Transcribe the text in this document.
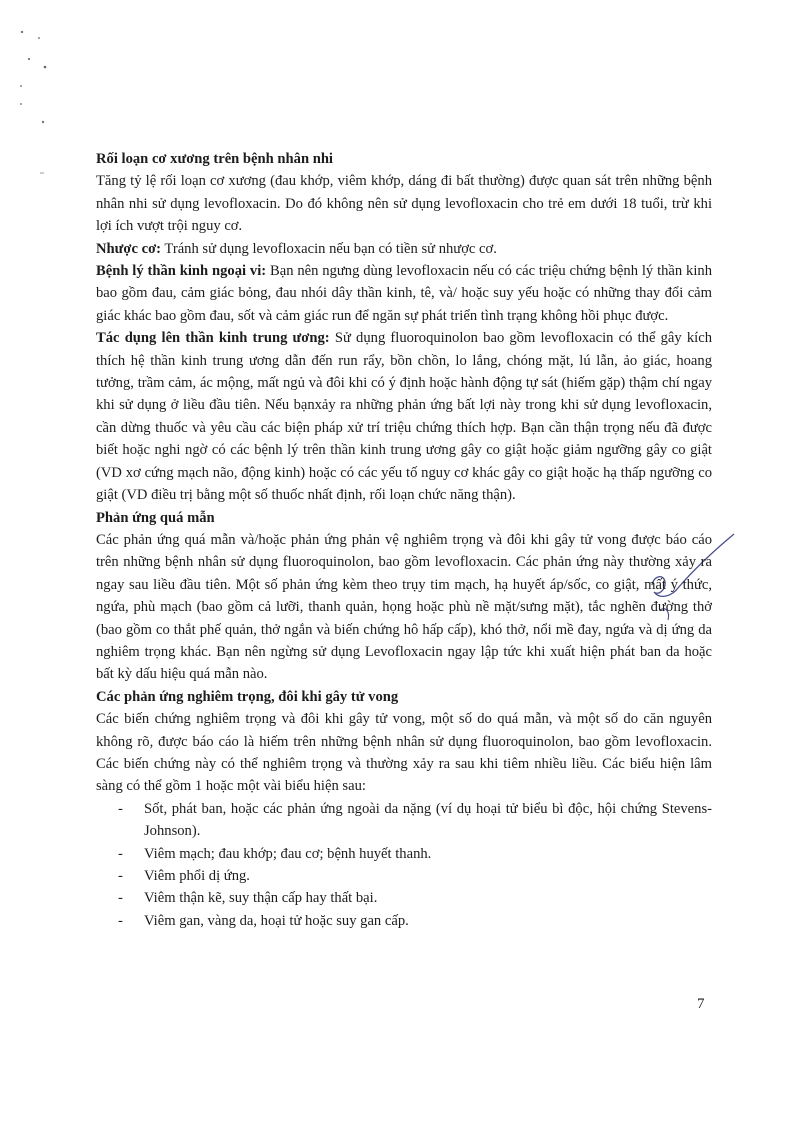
Rối loạn cơ xương trên bệnh nhân nhi

Tăng tỷ lệ rối loạn cơ xương (đau khớp, viêm khớp, dáng đi bất thường) được quan sát trên những bệnh nhân nhi sử dụng levofloxacin. Do đó không nên sử dụng levofloxacin cho trẻ em dưới 18 tuổi, trừ khi lợi ích vượt trội nguy cơ.

Nhược cơ: Tránh sử dụng levofloxacin nếu bạn có tiền sử nhược cơ.

Bệnh lý thần kinh ngoại vi: Bạn nên ngưng dùng levofloxacin nếu có các triệu chứng bệnh lý thần kinh bao gồm đau, cảm giác bỏng, đau nhói dây thần kinh, tê, và/ hoặc suy yếu hoặc có những thay đổi cảm giác khác bao gồm đau, sốt và cảm giác run để ngăn sự phát triển tình trạng không hồi phục được.

Tác dụng lên thần kinh trung ương: Sử dụng fluoroquinolon bao gồm levofloxacin có thể gây kích thích hệ thần kinh trung ương dẫn đến run rẩy, bồn chồn, lo lắng, chóng mặt, lú lẫn, ảo giác, hoang tưởng, trầm cảm, ác mộng, mất ngủ và đôi khi có ý định hoặc hành động tự sát (hiếm gặp) thậm chí ngay khi sử dụng ở liều đầu tiên. Nếu bạnxảy ra những phản ứng bất lợi này trong khi sử dụng levofloxacin, cần dừng thuốc và yêu cầu các biện pháp xử trí triệu chứng thích hợp. Bạn cần thận trọng nếu đã được biết hoặc nghi ngờ có các bệnh lý trên thần kinh trung ương gây co giật hoặc giảm ngưỡng gây co giật (VD xơ cứng mạch não, động kinh) hoặc có các yếu tố nguy cơ khác gây co giật hoặc hạ thấp ngưỡng co giật (VD điều trị bằng một số thuốc nhất định, rối loạn chức năng thận).

Phản ứng quá mẫn

Các phản ứng quá mẫn và/hoặc phản ứng phản vệ nghiêm trọng và đôi khi gây tử vong được báo cáo trên những bệnh nhân sử dụng fluoroquinolon, bao gồm levofloxacin. Các phản ứng này thường xảy ra ngay sau liều đầu tiên. Một số phản ứng kèm theo trụy tim mạch, hạ huyết áp/sốc, co giật, mất ý thức, ngứa, phù mạch (bao gồm cả lưỡi, thanh quản, họng hoặc phù nề mặt/sưng mặt), tắc nghẽn đường thở (bao gồm co thắt phế quản, thở ngắn và biến chứng hô hấp cấp), khó thở, nổi mề đay, ngứa và dị ứng da nghiêm trọng khác. Bạn nên ngừng sử dụng Levofloxacin ngay lập tức khi xuất hiện phát ban da hoặc bất kỳ dấu hiệu quá mẫn nào.

Các phản ứng nghiêm trọng, đôi khi gây tử vong

Các biến chứng nghiêm trọng và đôi khi gây tử vong, một số do quá mẫn, và một số do căn nguyên không rõ, được báo cáo là hiếm trên những bệnh nhân sử dụng fluoroquinolon, bao gồm levofloxacin. Các biến chứng này có thể nghiêm trọng và thường xảy ra sau khi tiêm nhiều liều. Các biểu hiện lâm sàng có thể gồm 1 hoặc một vài biểu hiện sau:

- Sốt, phát ban, hoặc các phản ứng ngoài da nặng (ví dụ hoại tử biểu bì độc, hội chứng Stevens-Johnson).
- Viêm mạch; đau khớp; đau cơ; bệnh huyết thanh.
- Viêm phổi dị ứng.
- Viêm thận kẽ, suy thận cấp hay thất bại.
- Viêm gan, vàng da, hoại tử hoặc suy gan cấp.
7
